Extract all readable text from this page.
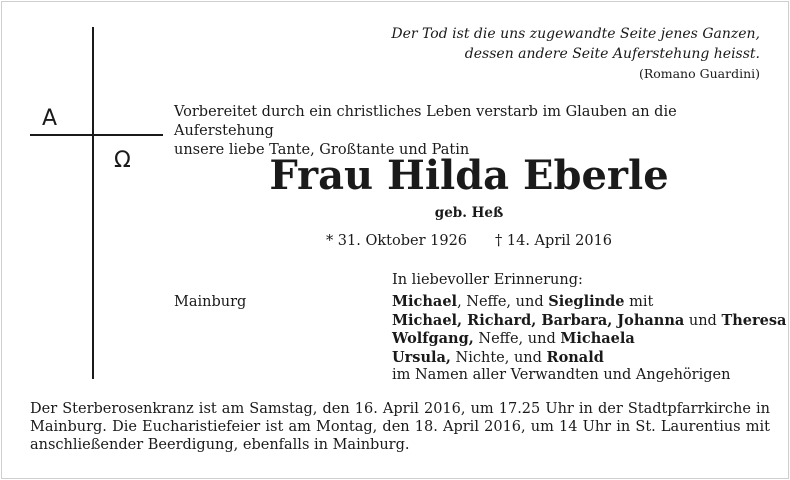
Der Tod ist die uns zugewandte Seite jenes Ganzen,
dessen andere Seite Auferstehung heisst.
(Romano Guardini)
A
Ω
Vorbereitet durch ein christliches Leben verstarb im Glauben an die Auferstehung
unsere liebe Tante, Großtante und Patin
Frau Hilda Eberle
geb. Heß
* 31. Oktober 1926 † 14. April 2016
In liebevoller Erinnerung:
Mainburg	Michael, Neffe, und Sieglinde mit
Michael, Richard, Barbara, Johanna und Theresa
Wolfgang, Neffe, und Michaela
Ursula, Nichte, und Ronald
im Namen aller Verwandten und Angehörigen
Der Sterberosenkranz ist am Samstag, den 16. April 2016, um 17.25 Uhr in der Stadtpfarrkirche in Mainburg. Die Eucharistiefeier ist am Montag, den 18. April 2016, um 14 Uhr in St. Laurentius mit anschließender Beerdigung, ebenfalls in Mainburg.
